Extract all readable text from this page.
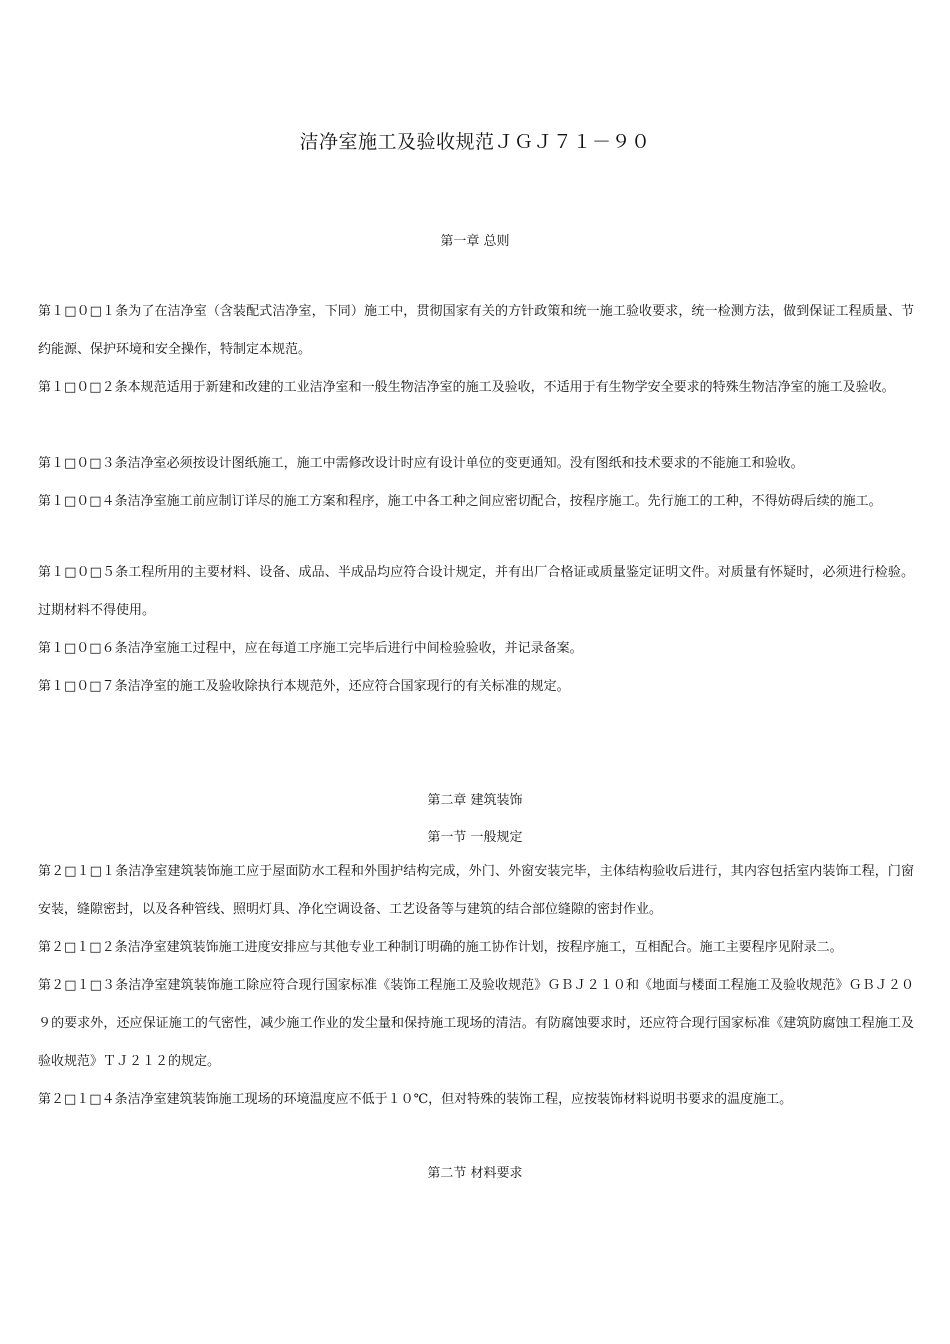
洁净室施工及验收规范ＪＧＪ７１－９０
第一章 总则

第１□０□１条为了在洁净室（含装配式洁净室，下同）施工中，贯彻国家有关的方针政策和统一施工验收要求，统一检测方法，做到保证工程质量、节约能源、保护环境和安全操作，特制定本规范。

第１□０□２条本规范适用于新建和改建的工业洁净室和一般生物洁净室的施工及验收，不适用于有生物学安全要求的特殊生物洁净室的施工及验收。

第１□０□３条洁净室必须按设计图纸施工，施工中需修改设计时应有设计单位的变更通知。没有图纸和技术要求的不能施工和验收。

第１□０□４条洁净室施工前应制订详尽的施工方案和程序，施工中各工种之间应密切配合，按程序施工。先行施工的工种，不得妨碍后续的施工。

第１□０□５条工程所用的主要材料、设备、成品、半成品均应符合设计规定，并有出厂合格证或质量鉴定证明文件。对质量有怀疑时，必须进行检验。过期材料不得使用。

第１□０□６条洁净室施工过程中，应在每道工序施工完毕后进行中间检验验收，并记录备案。

第１□０□７条洁净室的施工及验收除执行本规范外，还应符合国家现行的有关标准的规定。

第二章 建筑装饰
第一节 一般规定

第２□１□１条洁净室建筑装饰施工应于屋面防水工程和外围护结构完成，外门、外窗安装完毕，主体结构验收后进行，其内容包括室内装饰工程，门窗安装，缝隙密封，以及各种管线、照明灯具、净化空调设备、工艺设备等与建筑的结合部位缝隙的密封作业。

第２□１□２条洁净室建筑装饰施工进度安排应与其他专业工种制订明确的施工协作计划，按程序施工，互相配合。施工主要程序见附录二。

第２□１□３条洁净室建筑装饰施工除应符合现行国家标准《装饰工程施工及验收规范》ＧＢＪ２１０和《地面与楼面工程施工及验收规范》ＧＢＪ２０９的要求外，还应保证施工的气密性，减少施工作业的发尘量和保持施工现场的清洁。有防腐蚀要求时，还应符合现行国家标准《建筑防腐蚀工程施工及验收规范》ＴＪ２１２的规定。

第２□１□４条洁净室建筑装饰施工现场的环境温度应不低于１０℃，但对特殊的装饰工程，应按装饰材料说明书要求的温度施工。

第二节 材料要求
